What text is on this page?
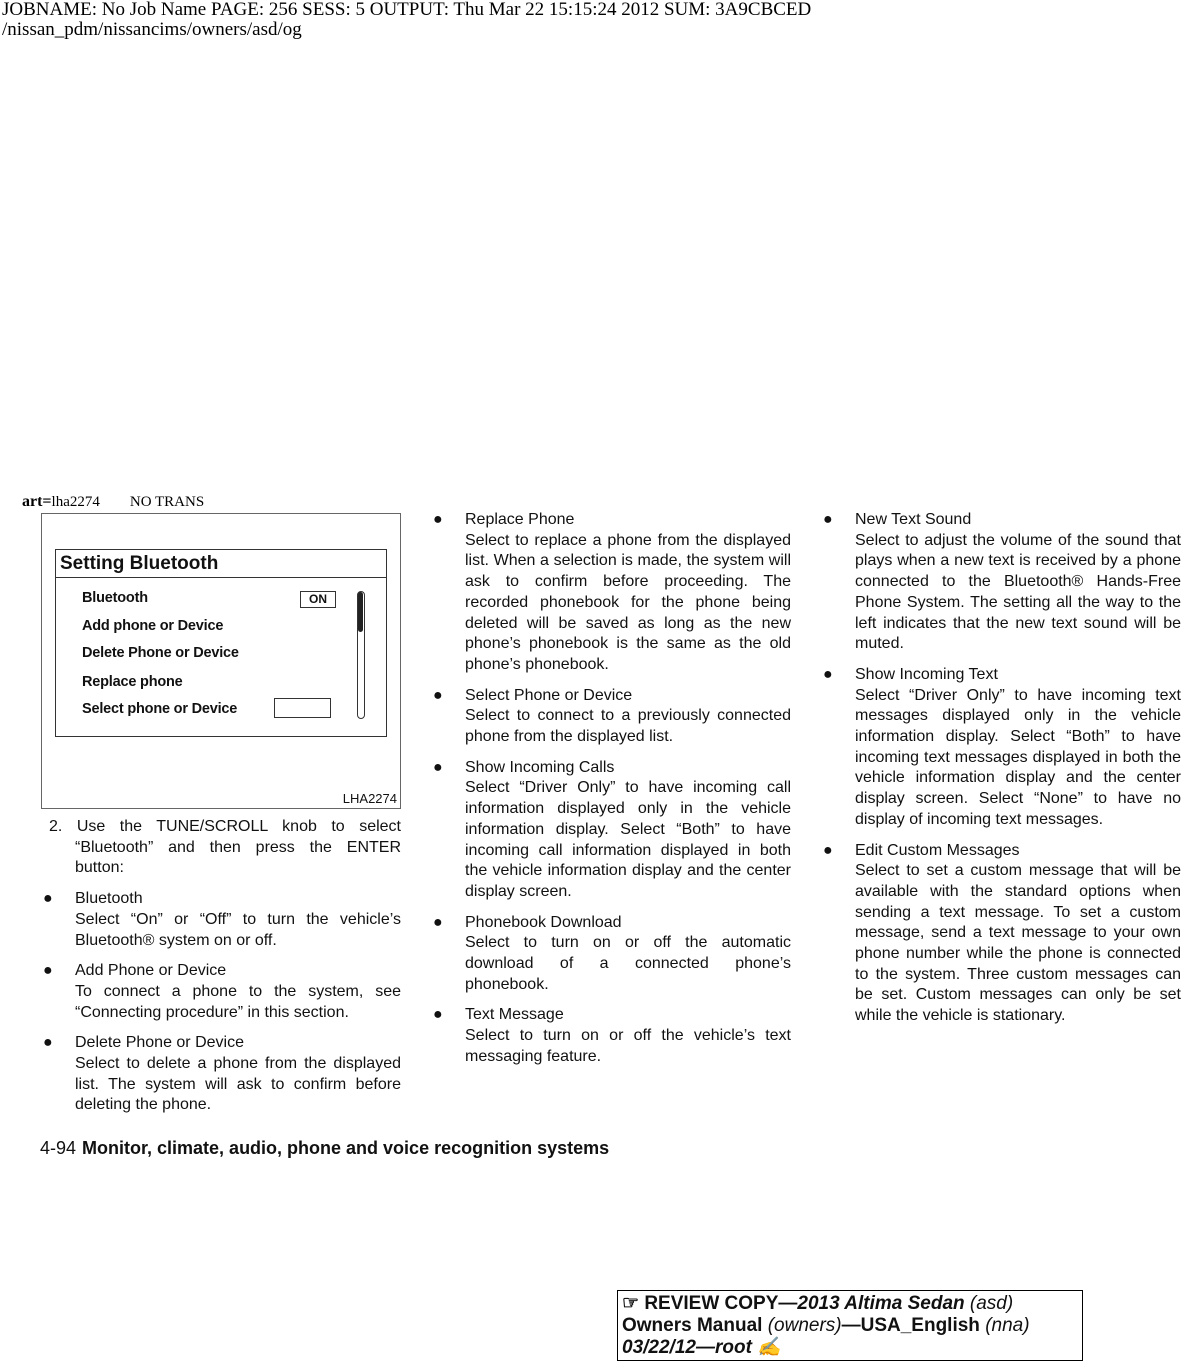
JOBNAME: No Job Name PAGE: 256 SESS: 5 OUTPUT: Thu Mar 22 15:15:24 2012 SUM: 3A9CBCED
/nissan_pdm/nissancims/owners/asd/og
art=lha2274 NO TRANS
Setting Bluetooth
Bluetooth
Add phone or Device
Delete Phone or Device
Replace phone
Select phone or Device
ON
LHA2274

2. Use the TUNE/SCROLL knob to select “Bluetooth” and then press the ENTER button:

● Bluetooth
Select “On” or “Off” to turn the vehicle’s Bluetooth® system on or off.
● Add Phone or Device
To connect a phone to the system, see “Connecting procedure” in this section.
● Delete Phone or Device
Select to delete a phone from the displayed list. The system will ask to confirm before deleting the phone.
● Replace Phone
Select to replace a phone from the displayed list. When a selection is made, the system will ask to confirm before proceeding. The recorded phonebook for the phone being deleted will be saved as long as the new phone’s phonebook is the same as the old phone’s phonebook.
● Select Phone or Device
Select to connect to a previously connected phone from the displayed list.
● Show Incoming Calls
Select “Driver Only” to have incoming call information displayed only in the vehicle information display. Select “Both” to have incoming call information displayed in both the vehicle information display and the center display screen.
● Phonebook Download
Select to turn on or off the automatic download of a connected phone’s phonebook.
● Text Message
Select to turn on or off the vehicle’s text messaging feature.
● New Text Sound
Select to adjust the volume of the sound that plays when a new text is received by a phone connected to the Bluetooth® Hands-Free Phone System. The setting all the way to the left indicates that the new text sound will be muted.
● Show Incoming Text
Select “Driver Only” to have incoming text messages displayed only in the vehicle information display. Select “Both” to have incoming text messages displayed in both the vehicle information display and the center display screen. Select “None” to have no display of incoming text messages.
● Edit Custom Messages
Select to set a custom message that will be available with the standard options when sending a text message. To set a custom message, send a text message to your own phone number while the phone is connected to the system. Three custom messages can be set. Custom messages can only be set while the vehicle is stationary.
4-94 Monitor, climate, audio, phone and voice recognition systems
☞ REVIEW COPY—2013 Altima Sedan (asd)
Owners Manual (owners)—USA_English (nna)
03/22/12—root ✍
